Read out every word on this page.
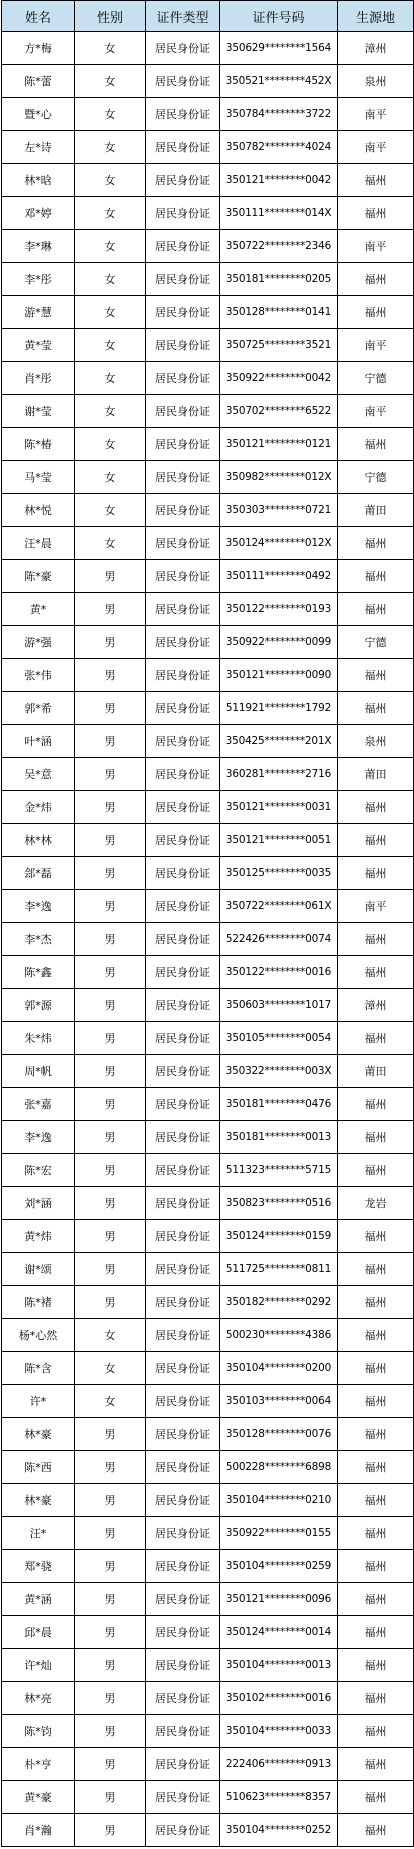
姓名	性别	证件类型	证件号码	生源地
方*梅	女	居民身份证	350629********1564	漳州
陈*蕾	女	居民身份证	350521********452X	泉州
暨*心	女	居民身份证	350784********3722	南平
左*诗	女	居民身份证	350782********4024	南平
林*晗	女	居民身份证	350121********0042	福州
邓*婷	女	居民身份证	350111********014X	福州
李*琳	女	居民身份证	350722********2346	南平
李*彤	女	居民身份证	350181********0205	福州
游*慧	女	居民身份证	350128********0141	福州
黄*莹	女	居民身份证	350725********3521	南平
肖*彤	女	居民身份证	350922********0042	宁德
谢*莹	女	居民身份证	350702********6522	南平
陈*椿	女	居民身份证	350121********0121	福州
马*莹	女	居民身份证	350982********012X	宁德
林*悦	女	居民身份证	350303********0721	莆田
汪*晨	女	居民身份证	350124********012X	福州
陈*豪	男	居民身份证	350111********0492	福州
黄*	男	居民身份证	350122********0193	福州
游*强	男	居民身份证	350922********0099	宁德
张*伟	男	居民身份证	350121********0090	福州
郭*希	男	居民身份证	511921********1792	福州
叶*涵	男	居民身份证	350425********201X	泉州
吴*意	男	居民身份证	360281********2716	莆田
金*炜	男	居民身份证	350121********0031	福州
林*林	男	居民身份证	350121********0051	福州
郐*磊	男	居民身份证	350125********0035	福州
李*逸	男	居民身份证	350722********061X	南平
李*杰	男	居民身份证	522426********0074	福州
陈*鑫	男	居民身份证	350122********0016	福州
郭*源	男	居民身份证	350603********1017	漳州
朱*炜	男	居民身份证	350105********0054	福州
周*帆	男	居民身份证	350322********003X	莆田
张*嘉	男	居民身份证	350181********0476	福州
李*逸	男	居民身份证	350181********0013	福州
陈*宏	男	居民身份证	511323********5715	福州
刘*涵	男	居民身份证	350823********0516	龙岩
黄*炜	男	居民身份证	350124********0159	福州
谢*颂	男	居民身份证	511725********0811	福州
陈*褚	男	居民身份证	350182********0292	福州
杨*心然	女	居民身份证	500230********4386	福州
陈*含	女	居民身份证	350104********0200	福州
许*	女	居民身份证	350103********0064	福州
林*豪	男	居民身份证	350128********0076	福州
陈*西	男	居民身份证	500228********6898	福州
林*豪	男	居民身份证	350104********0210	福州
汪*	男	居民身份证	350922********0155	福州
郑*骁	男	居民身份证	350104********0259	福州
黄*涵	男	居民身份证	350121********0096	福州
邱*晨	男	居民身份证	350124********0014	福州
许*灿	男	居民身份证	350104********0013	福州
林*亮	男	居民身份证	350102********0016	福州
陈*钧	男	居民身份证	350104********0033	福州
朴*亨	男	居民身份证	222406********0913	福州
黄*豪	男	居民身份证	510623********8357	福州
肖*瀚	男	居民身份证	350104********0252	福州
